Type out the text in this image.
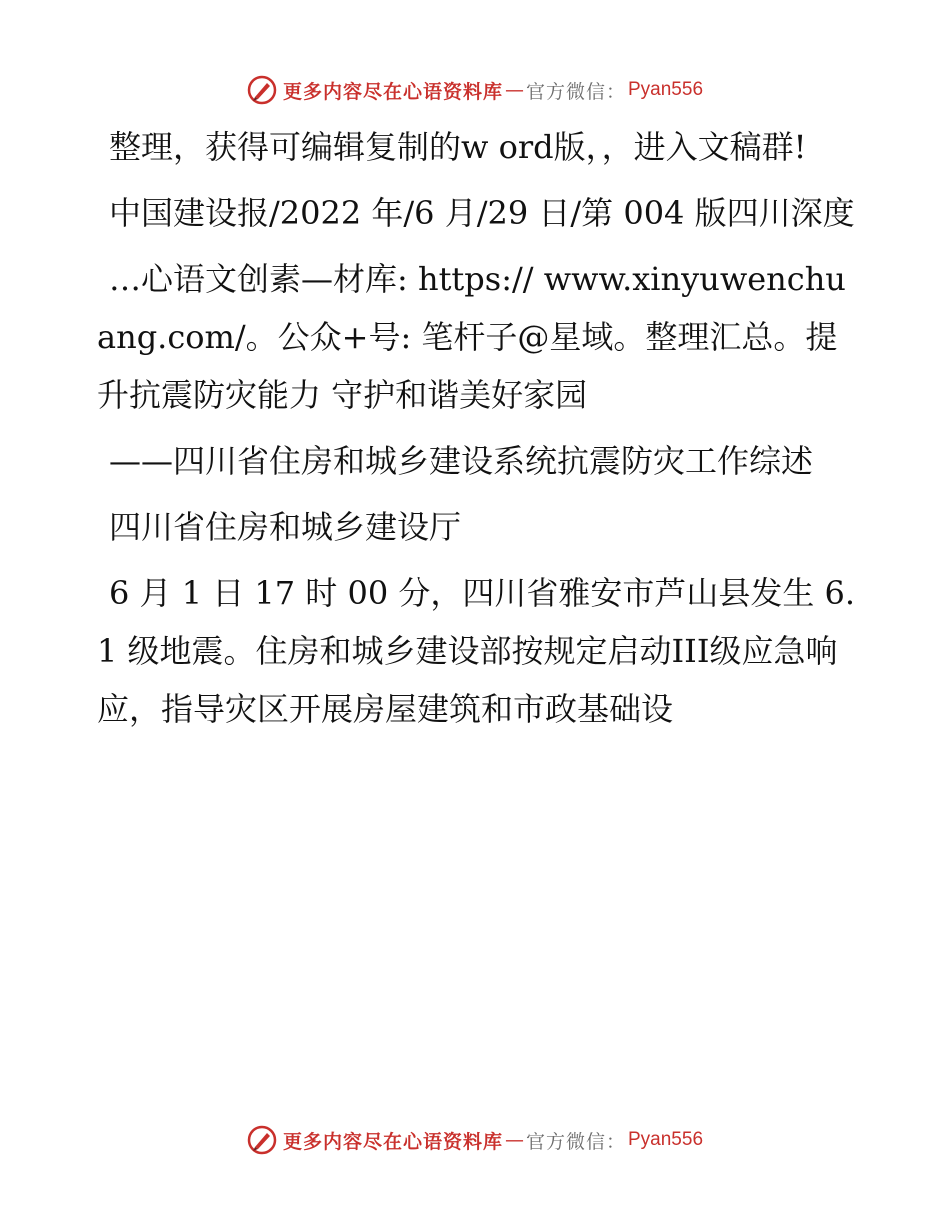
更多内容尽在心语资料库 — 官方微信： Pyan556

整理，获得可编辑复制的w ord版，，进入文稿群!

中国建设报/2022 年/6 月/29 日/第 004 版四川深度

…心语文创素—材库: https:// www.xinyuwenchuang.com/。公众+号: 笔杆子@星域。整理汇总。提升抗震防灾能力 守护和谐美好家园

——四川省住房和城乡建设系统抗震防灾工作综述

四川省住房和城乡建设厅

6 月 1 日 17 时 00 分，四川省雅安市芦山县发生 6.1 级地震。住房和城乡建设部按规定启动III级应急响应，指导灾区开展房屋建筑和市政基础设

更多内容尽在心语资料库 — 官方微信： Pyan556
